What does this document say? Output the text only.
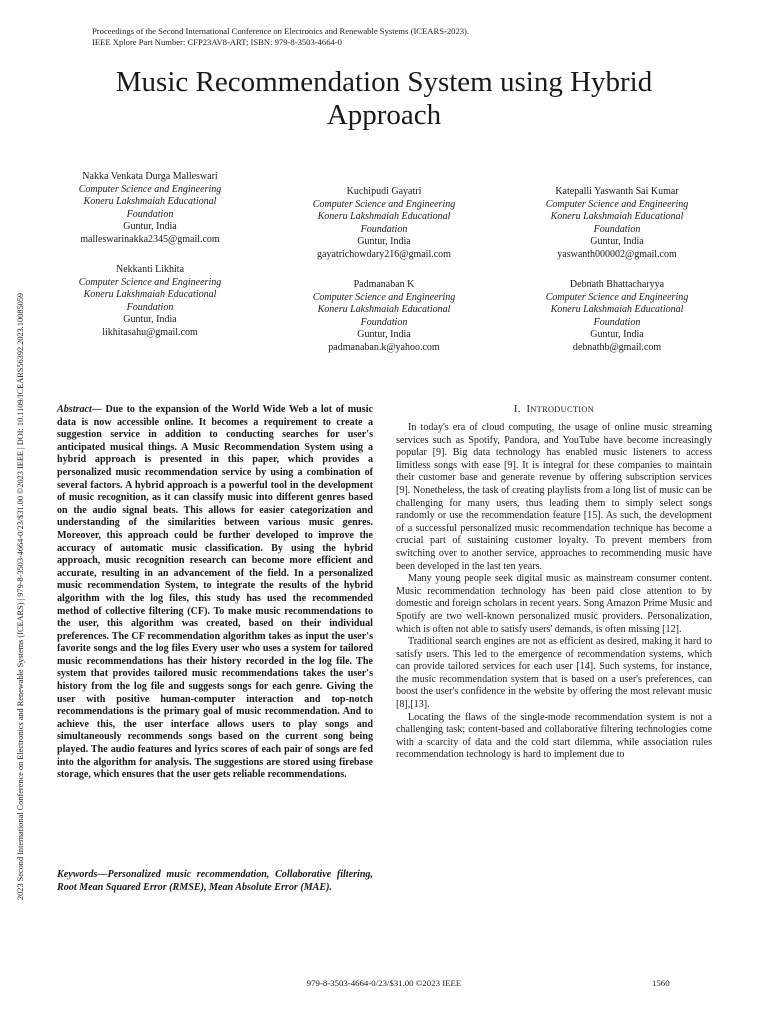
Proceedings of the Second International Conference on Electronics and Renewable Systems (ICEARS-2023).
IEEE Xplore Part Number: CFP23AV8-ART; ISBN: 979-8-3503-4664-0
Music Recommendation System using Hybrid
Approach
2023 Second International Conference on Electronics and Renewable Systems (ICEARS) | 979-8-3503-4664-0/23/$31.00 ©2023 IEEE | DOI: 10.1109/ICEARS56392.2023.10085059
Nakka Venkata Durga Malleswari
Computer Science and Engineering
Koneru Lakshmaiah Educational
Foundation
Guntur, India
malleswarinakka2345@gmail.com
Kuchipudi Gayatri
Computer Science and Engineering
Koneru Lakshmaiah Educational
Foundation
Guntur, India
gayatrichowdary216@gmail.com
Katepalli Yaswanth Sai Kumar
Computer Science and Engineering
Koneru Lakshmaiah Educational
Foundation
Guntur, India
yaswanth000002@gmail.com
Nekkanti Likhita
Computer Science and Engineering
Koneru Lakshmaiah Educational
Foundation
Guntur, India
likhitasahu@gmail.com
Padmanaban K
Computer Science and Engineering
Koneru Lakshmaiah Educational
Foundation
Guntur, India
padmanaban.k@yahoo.com
Debnath Bhattacharyya
Computer Science and Engineering
Koneru Lakshmaiah Educational
Foundation
Guntur, India
debnathb@gmail.com
Abstract— Due to the expansion of the World Wide Web a lot of music data is now accessible online. It becomes a requirement to create a suggestion service in addition to conducting searches for user's anticipated musical things. A Music Recommendation System using a hybrid approach is presented in this paper, which provides a personalized music recommendation service by using a combination of several factors. A hybrid approach is a powerful tool in the development of music recognition, as it can classify music into different genres based on the audio signal beats. This allows for easier categorization and understanding of the similarities between various music genres. Moreover, this approach could be further developed to improve the accuracy of automatic music classification. By using the hybrid approach, music recognition research can become more efficient and accurate, resulting in an advancement of the field. In a personalized music recommendation System, to integrate the results of the hybrid algorithm with the log files, this study has used the recommended method of collective filtering (CF). To make music recommendations to the user, this algorithm was created, based on their individual preferences. The CF recommendation algorithm takes as input the user's favorite songs and the log files Every user who uses a system for tailored music recommendations has their history recorded in the log file. The system that provides tailored music recommendations takes the user's history from the log file and suggests songs for each genre. Giving the user with positive human-computer interaction and top-notch recommendations is the primary goal of music recommendation. And to achieve this, the user interface allows users to play songs and simultaneously recommends songs based on the current song being played. The audio features and lyrics scores of each pair of songs are fed into the algorithm for analysis. The suggestions are stored using firebase storage, which ensures that the user gets reliable recommendations.
Keywords—Personalized music recommendation, Collaborative filtering, Root Mean Squared Error (RMSE), Mean Absolute Error (MAE).
I. INTRODUCTION

In today's era of cloud computing, the usage of online music streaming services such as Spotify, Pandora, and YouTube have become increasingly popular [9]. Big data technology has enabled music listeners to access limitless songs with ease [9]. It is integral for these companies to maintain their customer base and generate revenue by offering subscription services [9]. Nonetheless, the task of creating playlists from a long list of music can be challenging for many users, thus leading them to simply select songs randomly or use the recommendation feature [15]. As such, the development of a successful personalized music recommendation technique has become a crucial part of sustaining customer loyalty. To prevent members from switching over to another service, approaches to recommending music have been developed in the last ten years.

Many young people seek digital music as mainstream consumer content. Music recommendation technology has been paid close attention to by domestic and foreign scholars in recent years. Song Amazon Prime Music and Spotify are two well-known personalized music providers. Personalization, which is often not able to satisfy users' demands, is often missing [12].

Traditional search engines are not as efficient as desired, making it hard to satisfy users. This led to the emergence of recommendation systems, which can provide tailored services for each user [14]. Such systems, for instance, the music recommendation system that is based on a user's preferences, can boost the user's confidence in the website by offering the most relevant music [8],[13].

Locating the flaws of the single-mode recommendation system is not a challenging task; content-based and collaborative filtering technologies come with a scarcity of data and the cold start dilemma, while association rules recommendation technology is hard to implement due to

979-8-3503-4664-0/23/$31.00 ©2023 IEEE	1560
